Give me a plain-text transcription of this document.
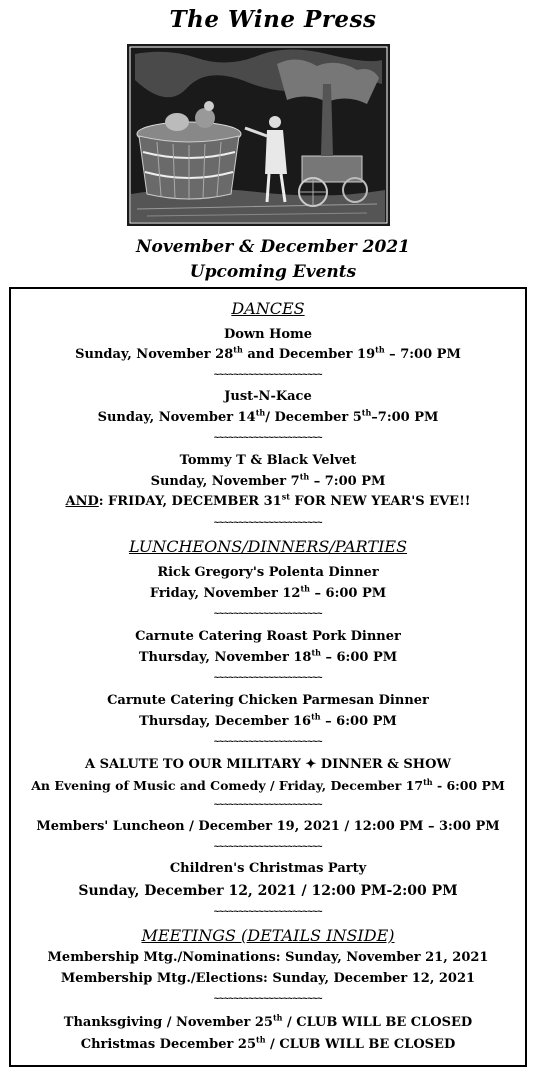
The Wine Press
November & December 2021
Upcoming Events
DANCES
Down Home
Sunday, November 28th and December 19th – 7:00 PM
~~~~~~~~~~~~~~~~~~~~~~
Just-N-Kace
Sunday, November 14th/ December 5th–7:00 PM
~~~~~~~~~~~~~~~~~~~~~~
Tommy T & Black Velvet
Sunday, November 7th – 7:00 PM
AND: FRIDAY, DECEMBER 31st FOR NEW YEAR'S EVE!!
~~~~~~~~~~~~~~~~~~~~~~
LUNCHEONS/DINNERS/PARTIES
Rick Gregory's Polenta Dinner
Friday, November 12th – 6:00 PM
~~~~~~~~~~~~~~~~~~~~~~
Carnute Catering Roast Pork Dinner
Thursday, November 18th – 6:00 PM
~~~~~~~~~~~~~~~~~~~~~~
Carnute Catering Chicken Parmesan Dinner
Thursday, December 16th – 6:00 PM
~~~~~~~~~~~~~~~~~~~~~~
A SALUTE TO OUR MILITARY ✦ DINNER & SHOW
An Evening of Music and Comedy / Friday, December 17th - 6:00 PM
~~~~~~~~~~~~~~~~~~~~~~
Members' Luncheon / December 19, 2021 / 12:00 PM – 3:00 PM
~~~~~~~~~~~~~~~~~~~~~~
Children's Christmas Party
Sunday, December 12, 2021 / 12:00 PM-2:00 PM
~~~~~~~~~~~~~~~~~~~~~~
MEETINGS (DETAILS INSIDE)
Membership Mtg./Nominations: Sunday, November 21, 2021
Membership Mtg./Elections: Sunday, December 12, 2021
~~~~~~~~~~~~~~~~~~~~~~
Thanksgiving / November 25th / CLUB WILL BE CLOSED
Christmas December 25th / CLUB WILL BE CLOSED
